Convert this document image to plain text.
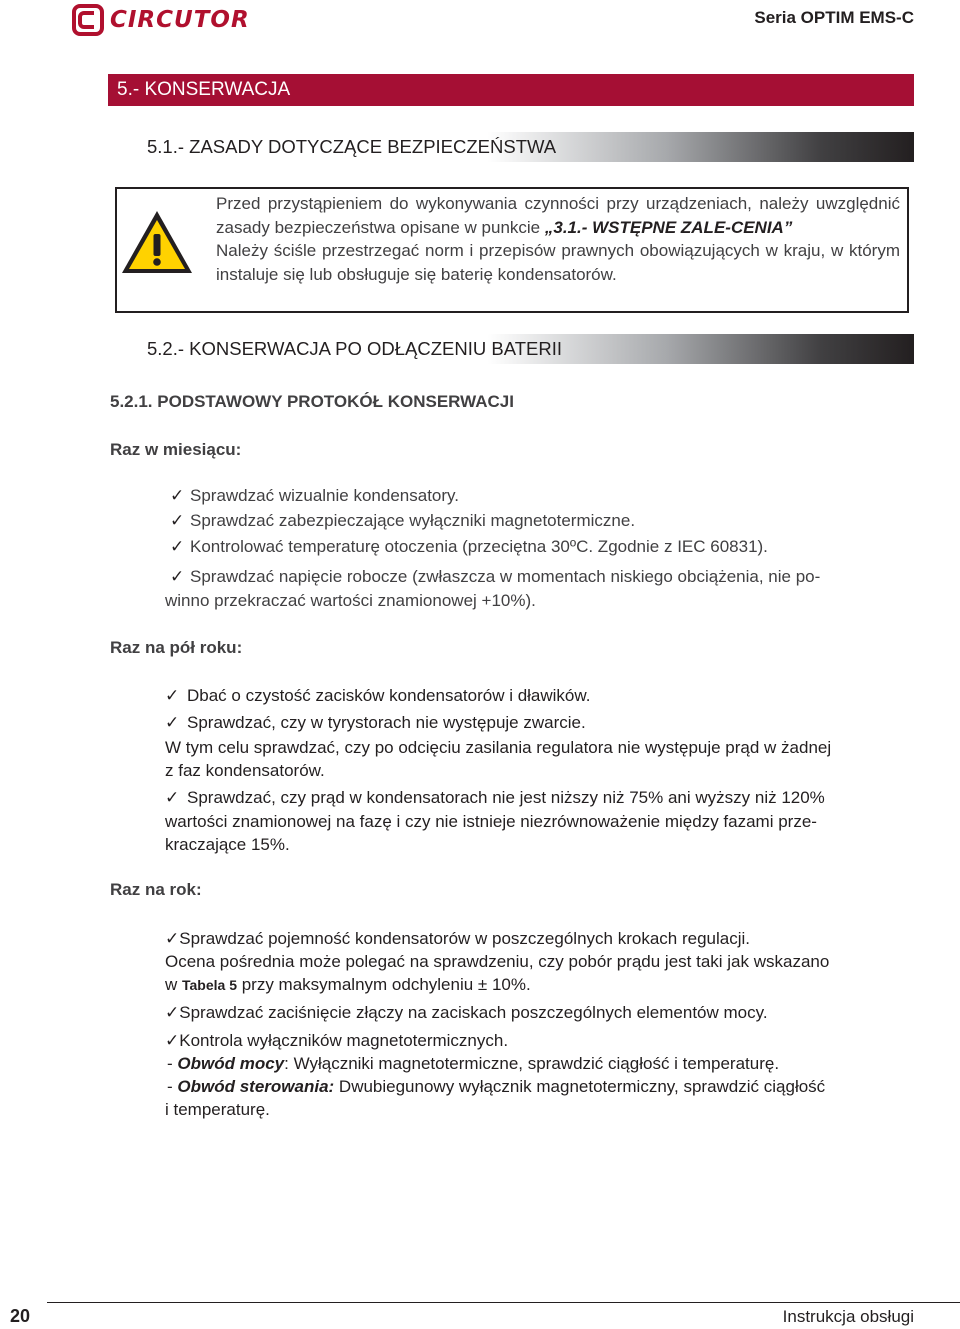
CIRCUTOR	Seria OPTIM EMS-C
5.- KONSERWACJA
5.1.- ZASADY DOTYCZĄCE BEZPIECZEŃSTWA
Przed przystąpieniem do wykonywania czynności przy urządzeniach, należy uwzględnić zasady bezpieczeństwa opisane w punkcie „3.1.- WSTĘPNE ZALE-CENIA”
Należy ściśle przestrzegać norm i przepisów prawnych obowiązujących w kraju, w którym instaluje się lub obsługuje się baterię kondensatorów.
5.2.- KONSERWACJA PO ODŁĄCZENIU BATERII
5.2.1. PODSTAWOWY PROTOKÓŁ KONSERWACJI
Raz w miesiącu:
✓ Sprawdzać wizualnie kondensatory.
✓ Sprawdzać zabezpieczające wyłączniki magnetotermiczne.
✓ Kontrolować temperaturę otoczenia (przeciętna 30ºC. Zgodnie z IEC 60831).
✓ Sprawdzać napięcie robocze (zwłaszcza w momentach niskiego obciążenia, nie po-
winno przekraczać wartości znamionowej +10%).
Raz na pół roku:
✓ Dbać o czystość zacisków kondensatorów i dławików.
✓ Sprawdzać, czy w tyrystorach nie występuje zwarcie.
W tym celu sprawdzać, czy po odcięciu zasilania regulatora nie występuje prąd w żadnej
z faz kondensatorów.
✓ Sprawdzać, czy prąd w kondensatorach nie jest niższy niż 75% ani wyższy niż 120%
wartości znamionowej na fazę i czy nie istnieje niezrównoważenie między fazami prze-
kraczające 15%.
Raz na rok:
✓Sprawdzać pojemność kondensatorów w poszczególnych krokach regulacji.
Ocena pośrednia może polegać na sprawdzeniu, czy pobór prądu jest taki jak wskazano
w Tabela 5 przy maksymalnym odchyleniu ± 10%.
✓Sprawdzać zaciśnięcie złączy na zaciskach poszczególnych elementów mocy.
✓Kontrola wyłączników magnetotermicznych.
- Obwód mocy: Wyłączniki magnetotermiczne, sprawdzić ciągłość i temperaturę.
- Obwód sterowania: Dwubiegunowy wyłącznik magnetotermiczny, sprawdzić ciągłość
i temperaturę.
20	Instrukcja obsługi
